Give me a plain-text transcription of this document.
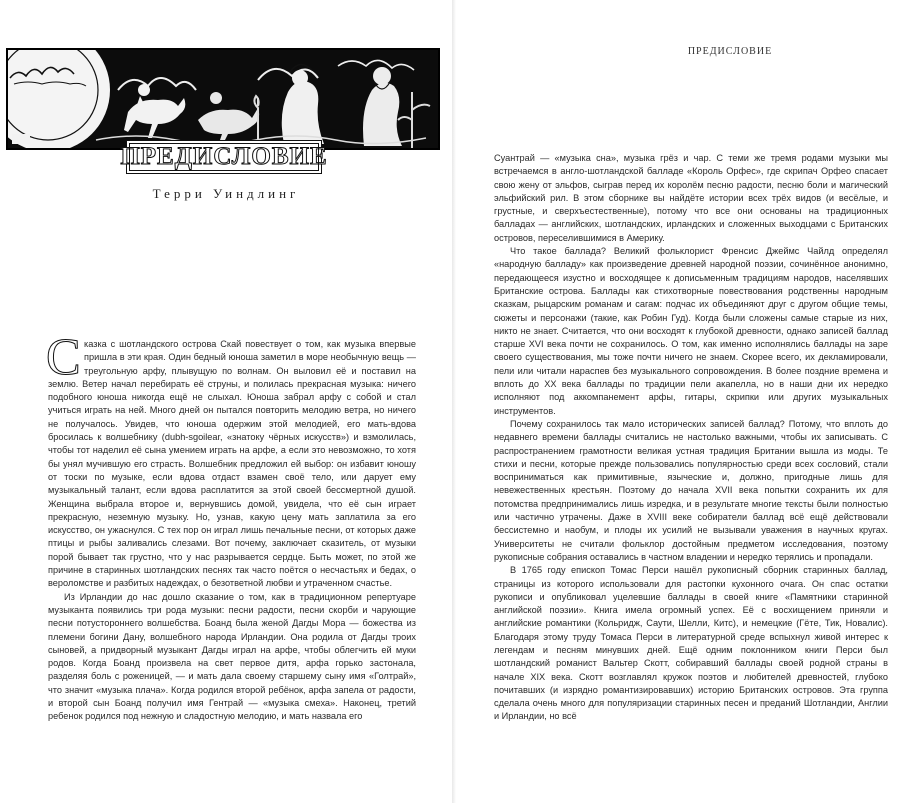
ПРЕДИСЛОВИЕ
Терри Уиндлинг

С казка с шотландского острова Скай повествует о том, как музыка впервые пришла в эти края. Один бедный юноша заметил в море необычную вещь — треугольную арфу, плывущую по волнам. Он выловил её и поставил на землю. Ветер начал перебирать её струны, и полилась прекрасная музыка: ничего подобного юноша никогда ещё не слыхал. Юноша забрал арфу с собой и стал учиться играть на ней. Много дней он пытался повторить мелодию ветра, но ничего не получалось. Увидев, что юноша одержим этой мелодией, его мать-вдова бросилась к волшебнику (dubh-sgoilear, «знатоку чёрных искусств») и взмолилась, чтобы тот наделил её сына умением играть на арфе, а если это невозможно, то хотя бы унял мучившую его страсть. Волшебник предложил ей выбор: он избавит юношу от тоски по музыке, если вдова отдаст взамен своё тело, или дарует ему музыкальный талант, если вдова расплатится за этой своей бессмертной душой. Женщина выбрала второе и, вернувшись домой, увидела, что её сын играет прекрасную, неземную музыку. Но, узнав, какую цену мать заплатила за его искусство, он ужаснулся. С тех пор он играл лишь печальные песни, от которых даже птицы и рыбы заливались слезами. Вот почему, заключает сказитель, от музыки порой бывает так грустно, что у нас разрывается сердце. Быть может, по этой же причине в старинных шотландских песнях так часто поётся о несчастьях и бедах, о вероломстве и разбитых надеждах, о безответной любви и утраченном счастье.

Из Ирландии до нас дошло сказание о том, как в традиционном репертуаре музыканта появились три рода музыки: песни радости, песни скорби и чарующие песни потустороннего волшебства. Боанд была женой Дагды Мора — божества из племени богини Дану, волшебного народа Ирландии. Она родила от Дагды троих сыновей, а придворный музыкант Дагды играл на арфе, чтобы облегчить ей муки родов. Когда Боанд произвела на свет первое дитя, арфа горько застонала, разделяя боль с роженицей, — и мать дала своему старшему сыну имя «Голтрай», что значит «музыка плача». Когда родился второй ребёнок, арфа запела от радости, и второй сын Боанд получил имя Гентрай — «музыка смеха». Наконец, третий ребенок родился под нежную и сладостную мелодию, и мать назвала его

ПРЕДИСЛОВИЕ

Суантрай — «музыка сна», музыка грёз и чар. С теми же тремя родами музыки мы встречаемся в англо-шотландской балладе «Король Орфес», где скрипач Орфео спасает свою жену от эльфов, сыграв перед их королём песню радости, песню боли и магический эльфийский рил. В этом сборнике вы найдёте истории всех трёх видов (и весёлые, и грустные, и сверхъестественные), потому что все они основаны на традиционных балладах — английских, шотландских, ирландских и сложенных выходцами с Британских островов, переселившимися в Америку.

Что такое баллада? Великий фольклорист Френсис Джеймс Чайлд определял «народную балладу» как произведение древней народной поэзии, сочинённое анонимно, передающееся изустно и восходящее к дописьменным традициям народов, населявших Британские острова. Баллады как стихотворные повествования родственны народным сказкам, рыцарским романам и сагам: подчас их объединяют друг с другом общие темы, сюжеты и персонажи (такие, как Робин Гуд). Когда были сложены самые старые из них, никто не знает. Считается, что они восходят к глубокой древности, однако записей баллад старше XVI века почти не сохранилось. О том, как именно исполнялись баллады на заре своего существования, мы тоже почти ничего не знаем. Скорее всего, их декламировали, пели или читали нараспев без музыкального сопровождения. В более поздние времена и вплоть до XX века баллады по традиции пели акапелла, но в наши дни их нередко исполняют под аккомпанемент арфы, гитары, скрипки или других музыкальных инструментов.

Почему сохранилось так мало исторических записей баллад? Потому, что вплоть до недавнего времени баллады считались не настолько важными, чтобы их записывать. С распространением грамотности великая устная традиция Британии вышла из моды. Те стихи и песни, которые прежде пользовались популярностью среди всех сословий, стали восприниматься как примитивные, языческие и, должно, пригодные лишь для невежественных крестьян. Поэтому до начала XVII века попытки сохранить их для потомства предпринимались лишь изредка, и в результате многие тексты были полностью или частично утрачены. Даже в XVIII веке собиратели баллад всё ещё действовали бессистемно и наобум, и плоды их усилий не вызывали уважения в научных кругах. Университеты не считали фольклор достойным предметом исследования, поэтому рукописные собрания оставались в частном владении и нередко терялись и пропадали.

В 1765 году епископ Томас Перси нашёл рукописный сборник старинных баллад, страницы из которого использовали для растопки кухонного очага. Он спас остатки рукописи и опубликовал уцелевшие баллады в своей книге «Памятники старинной английской поэзии». Книга имела огромный успех. Её с восхищением приняли и английские романтики (Кольридж, Саути, Шелли, Китс), и немецкие (Гёте, Тик, Новалис). Благодаря этому труду Томаса Перси в литературной среде вспыхнул живой интерес к легендам и песням минувших дней. Ещё одним поклонником книги Перси был шотландский романист Вальтер Скотт, собиравший баллады своей родной страны в начале XIX века. Скотт возглавлял кружок поэтов и любителей древностей, глубоко почитавших (и изрядно романтизировавших) историю Британских островов. Эта группа сделала очень много для популяризации старинных песен и преданий Шотландии, Англии и Ирландии, но всё
